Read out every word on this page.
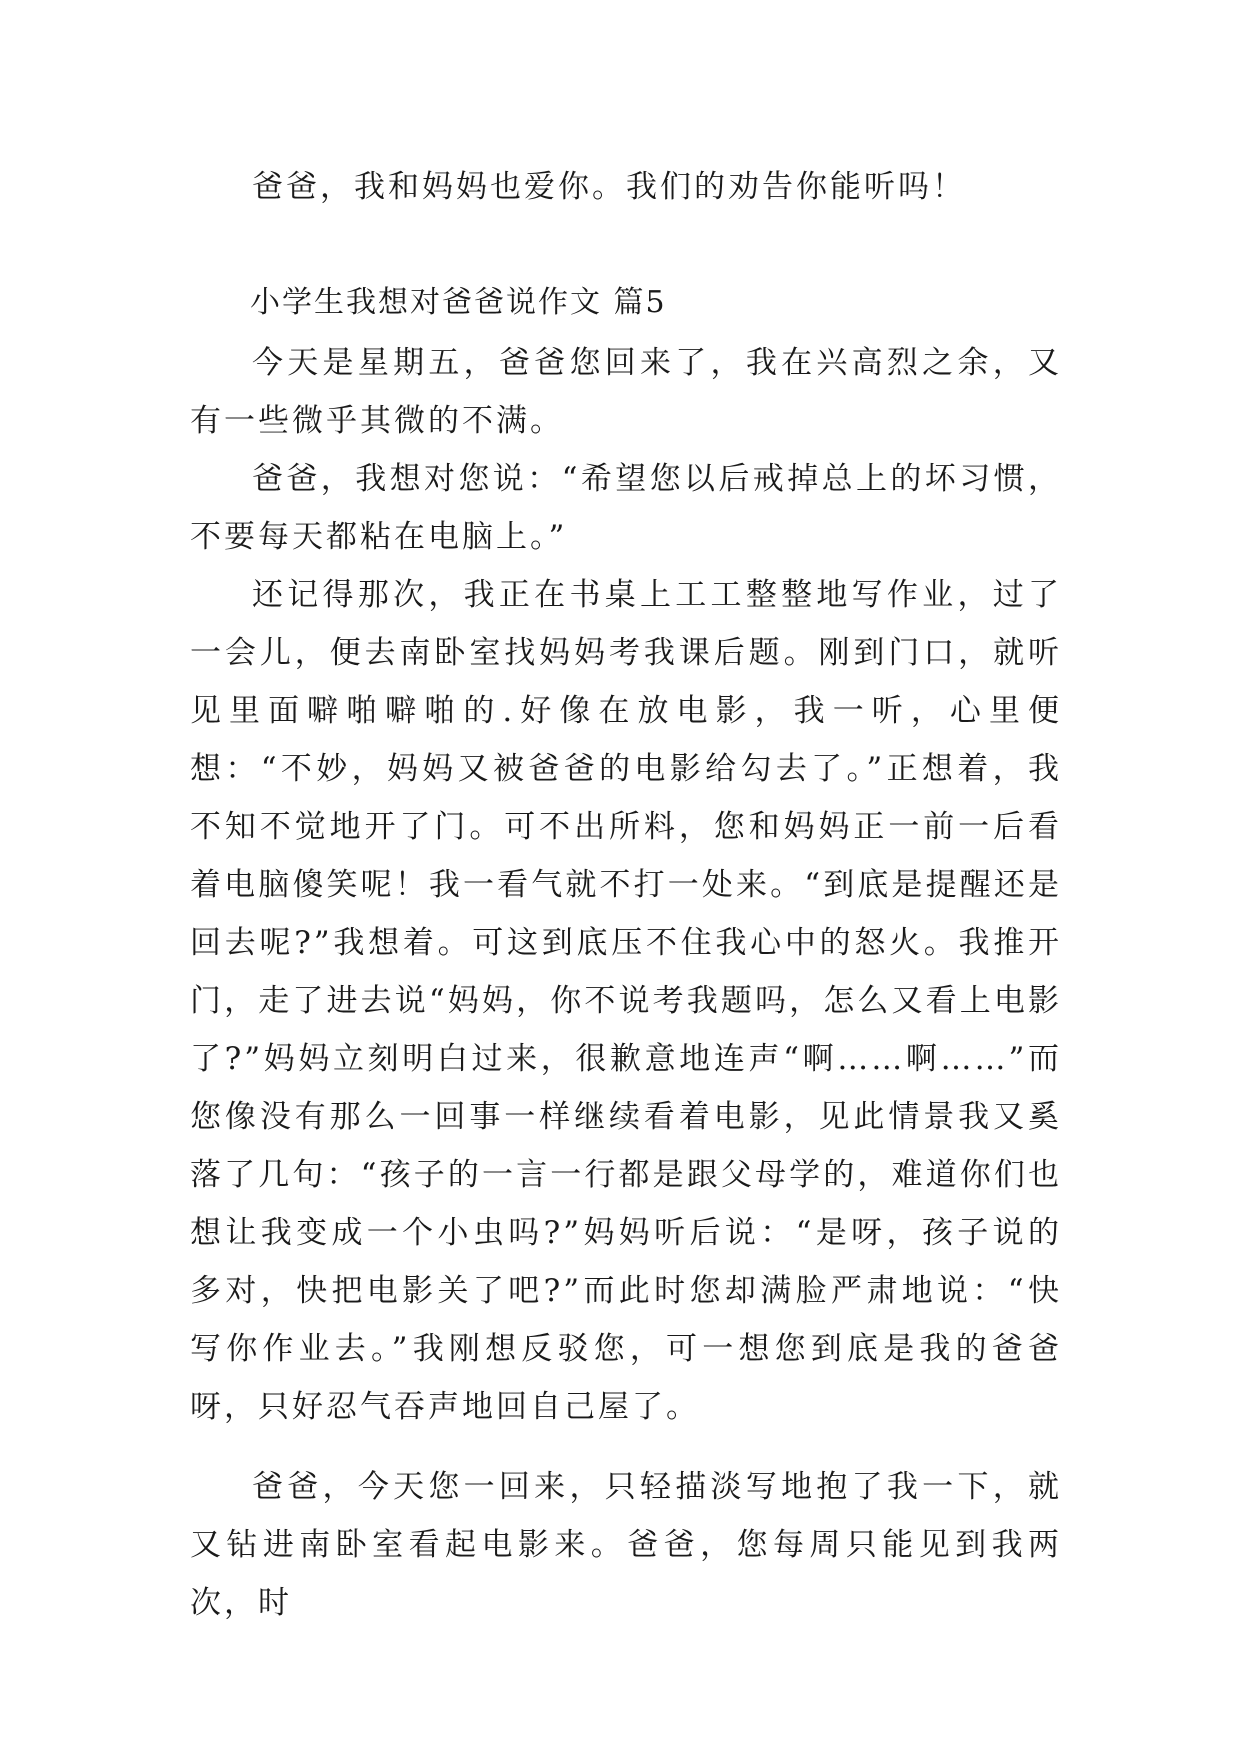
爸爸，我和妈妈也爱你。我们的劝告你能听吗！

小学生我想对爸爸说作文 篇5

今天是星期五，爸爸您回来了，我在兴高烈之余，又有一些微乎其微的不满。

爸爸，我想对您说：“希望您以后戒掉总上的坏习惯，不要每天都粘在电脑上。”

还记得那次，我正在书桌上工工整整地写作业，过了一会儿，便去南卧室找妈妈考我课后题。刚到门口，就听见里面噼啪噼啪的.好像在放电影，我一听，心里便想：“不妙，妈妈又被爸爸的电影给勾去了。”正想着，我不知不觉地开了门。可不出所料，您和妈妈正一前一后看着电脑傻笑呢！我一看气就不打一处来。“到底是提醒还是回去呢?”我想着。可这到底压不住我心中的怒火。我推开门，走了进去说“妈妈，你不说考我题吗，怎么又看上电影了?”妈妈立刻明白过来，很歉意地连声“啊……啊……”而您像没有那么一回事一样继续看着电影，见此情景我又奚落了几句：“孩子的一言一行都是跟父母学的，难道你们也想让我变成一个小虫吗?”妈妈听后说：“是呀，孩子说的多对，快把电影关了吧?”而此时您却满脸严肃地说：“快写你作业去。”我刚想反驳您，可一想您到底是我的爸爸呀，只好忍气吞声地回自己屋了。

爸爸，今天您一回来，只轻描淡写地抱了我一下，就又钻进南卧室看起电影来。爸爸，您每周只能见到我两次，时
